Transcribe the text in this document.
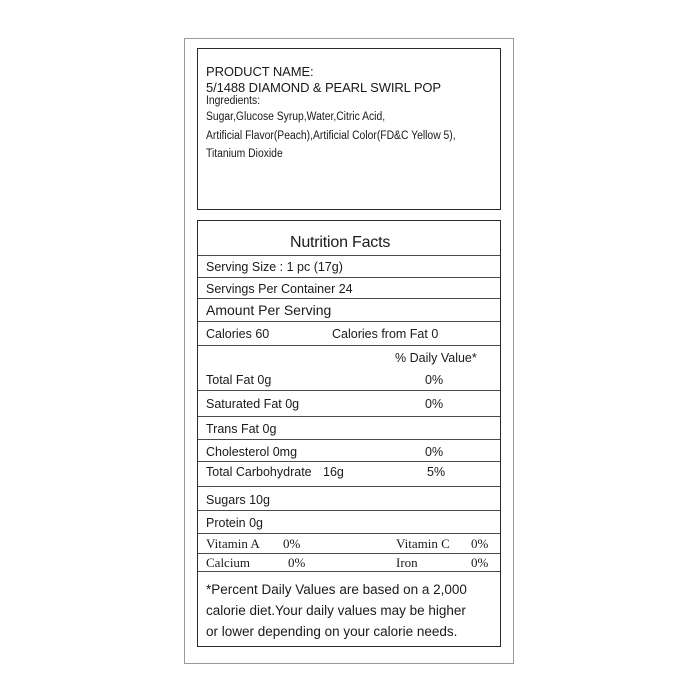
PRODUCT NAME:
5/1488 DIAMOND & PEARL SWIRL POP
Ingredients:
Sugar,Glucose Syrup,Water,Citric Acid,
Artificial Flavor(Peach),Artificial Color(FD&C Yellow 5),
Titanium Dioxide
Nutrition Facts
Serving Size : 1 pc (17g)
Servings Per Container 24
Amount Per Serving
Calories 60	Calories from Fat 0
% Daily Value*
Total Fat 0g	0%
Saturated Fat 0g	0%
Trans Fat 0g
Cholesterol 0mg	0%
Total Carbohydrate 16g	5%
Sugars 10g
Protein 0g
Vitamin A 0%	Vitamin C 0%
Calcium	0%	Iron	0%
*Percent Daily Values are based on a 2,000
calorie diet.Your daily values may be higher
or lower depending on your calorie needs.
